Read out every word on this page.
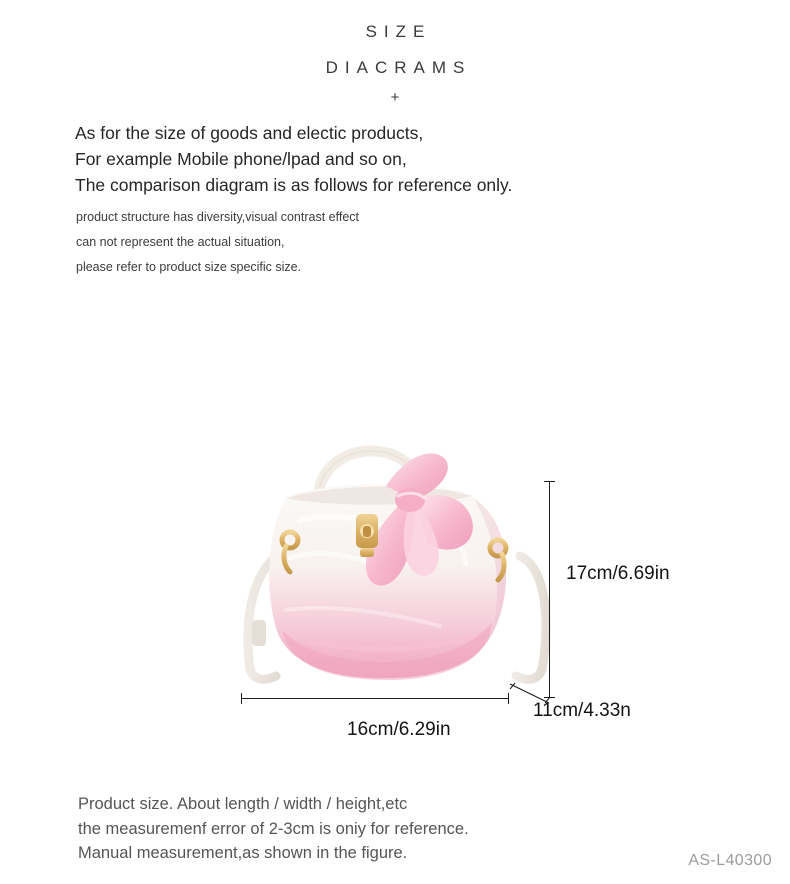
SIZE
DIACRAMS
+

As for the size of goods and electic products,

For example Mobile phone/lpad and so on,

The comparison diagram is as follows for reference only.

product structure has diversity,visual contrast effect

can not represent the actual situation,

please refer to product size specific size.

17cm/6.69in
16cm/6.29in
11cm/4.33n

Product size. About length / width / height,etc

the measuremenf error of 2-3cm is oniy for reference.

Manual measurement,as shown in the figure.	AS-L40300
